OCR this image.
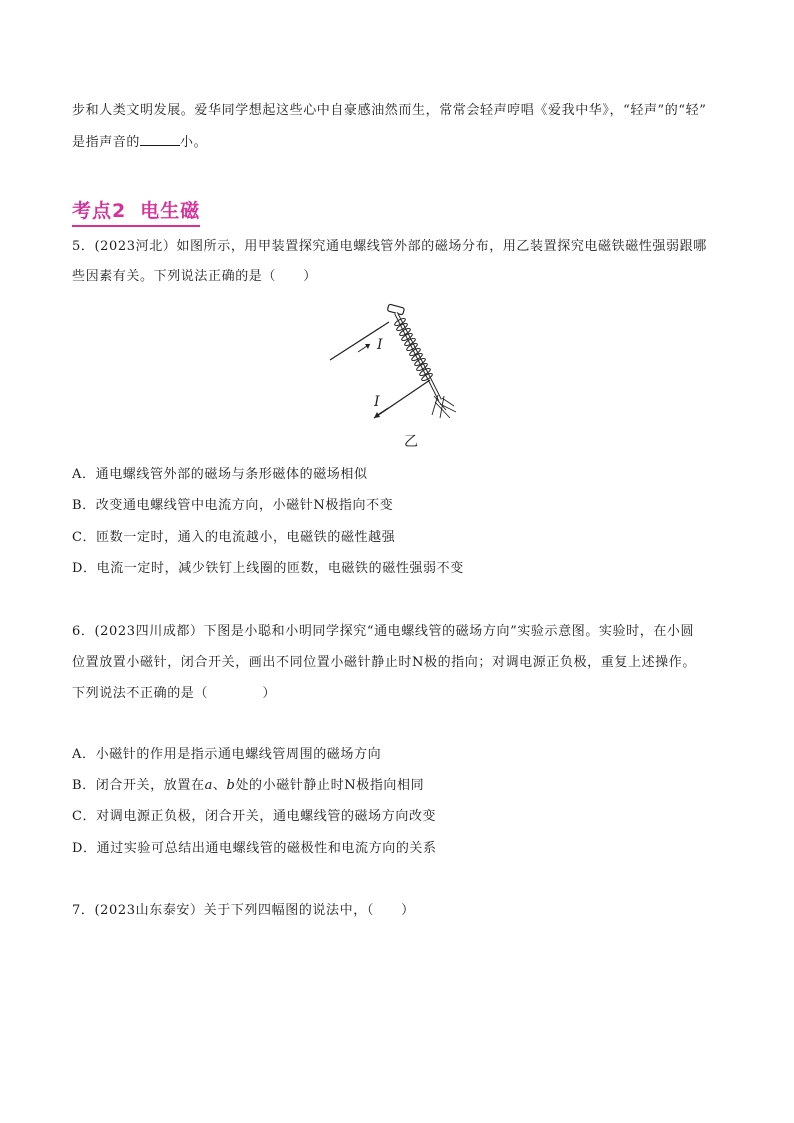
步和人类文明发展。爱华同学想起这些心中自豪感油然而生，常常会轻声哼唱《爱我中华》，“轻声”的“轻”
是指声音的	小。
考点2 电生磁
5．(2023河北）如图所示，用甲装置探究通电螺线管外部的磁场分布，用乙装置探究电磁铁磁性强弱跟哪
些因素有关。下列说法正确的是（　　）
I
I
乙
A．通电螺线管外部的磁场与条形磁体的磁场相似
B．改变通电螺线管中电流方向，小磁针N极指向不变
C．匝数一定时，通入的电流越小，电磁铁的磁性越强
D．电流一定时，减少铁钉上线圈的匝数，电磁铁的磁性强弱不变
6．(2023四川成都）下图是小聪和小明同学探究“通电螺线管的磁场方向”实验示意图。实验时，在小圆
位置放置小磁针，闭合开关，画出不同位置小磁针静止时N极的指向；对调电源正负极，重复上述操作。
下列说法不正确的是（　　　　）
A．小磁针的作用是指示通电螺线管周围的磁场方向
B．闭合开关，放置在a、b处的小磁针静止时N极指向相同
C．对调电源正负极，闭合开关，通电螺线管的磁场方向改变
D．通过实验可总结出通电螺线管的磁极性和电流方向的关系
7．(2023山东泰安）关于下列四幅图的说法中，（　　）
